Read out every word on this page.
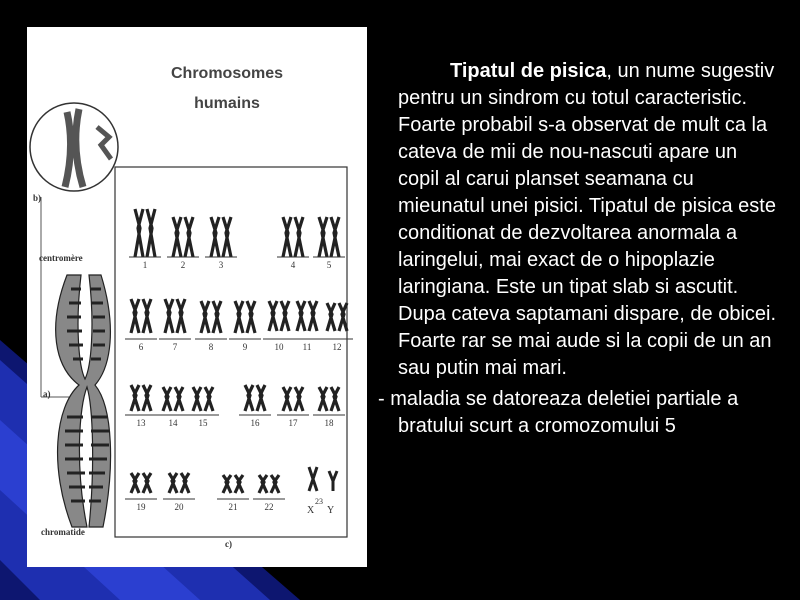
Chromosomes
humains
b)
centromère
a)
chromatide
c)
1	2	3	4	5
6	7	8	9	10	11	12
13	14	15	16	17	18
19	20	21	22	X
23
Y

Tipatul de pisica, un nume sugestiv pentru un sindrom cu totul caracteristic. Foarte probabil s-a observat de mult ca la cateva de mii de nou-nascuti apare un copil al carui planset seamana cu mieunatul unei pisici. Tipatul de pisica este conditionat de dezvoltarea anormala a laringelui, mai exact de o hipoplazie laringiana. Este un tipat slab si ascutit. Dupa cateva saptamani dispare, de obicei. Foarte rar se mai aude si la copii de un an sau putin mai mari.

- maladia se datoreaza deletiei partiale a bratului scurt a cromozomului 5
